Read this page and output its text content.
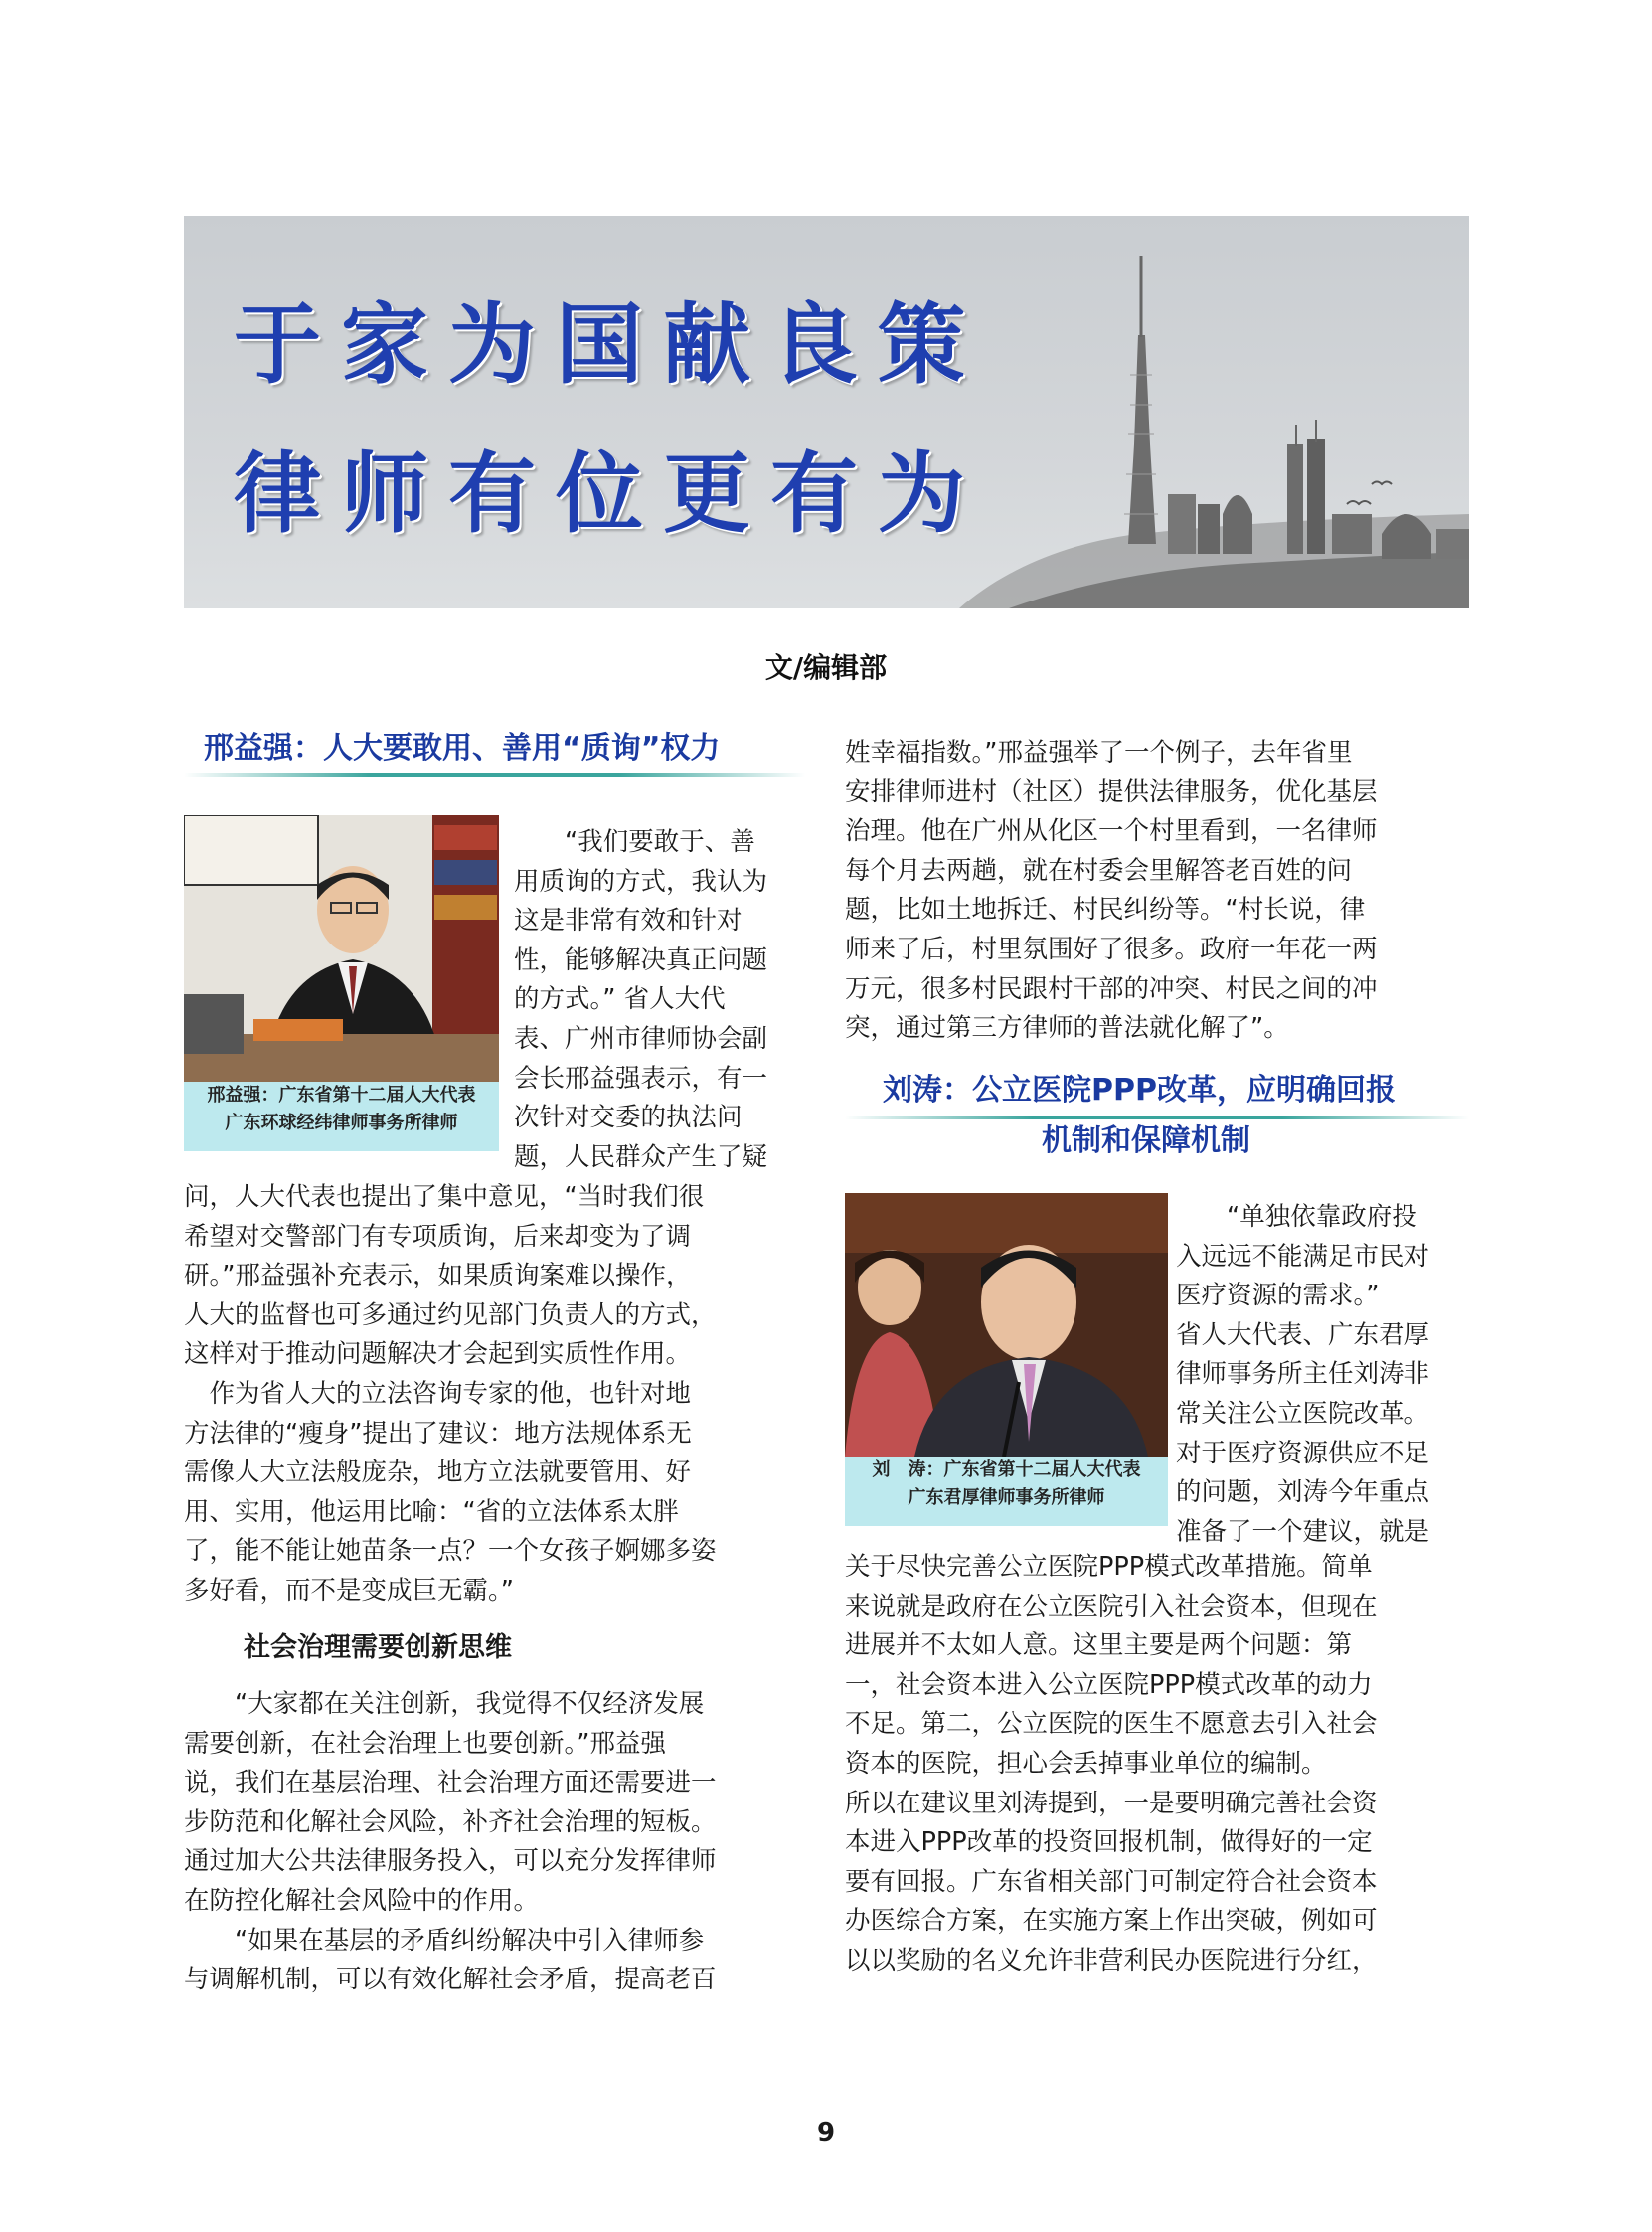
于家为国献良策
律师有位更有为
文/编辑部
邢益强：人大要敢用、善用“质询”权力
邢益强：广东省第十二届人大代表
广东环球经纬律师事务所律师
“我们要敢于、善
用质询的方式，我认为
这是非常有效和针对
性，能够解决真正问题
的方式。” 省人大代
表、广州市律师协会副
会长邢益强表示，有一
次针对交委的执法问
题，人民群众产生了疑
问，人大代表也提出了集中意见，“当时我们很
希望对交警部门有专项质询，后来却变为了调
研。”邢益强补充表示，如果质询案难以操作，
人大的监督也可多通过约见部门负责人的方式，
这样对于推动问题解决才会起到实质性作用。
　作为省人大的立法咨询专家的他，也针对地
方法律的“瘦身”提出了建议：地方法规体系无
需像人大立法般庞杂，地方立法就要管用、好
用、实用，他运用比喻：“省的立法体系太胖
了，能不能让她苗条一点？一个女孩子婀娜多姿
多好看，而不是变成巨无霸。”
社会治理需要创新思维
“大家都在关注创新，我觉得不仅经济发展
需要创新，在社会治理上也要创新。”邢益强
说，我们在基层治理、社会治理方面还需要进一
步防范和化解社会风险，补齐社会治理的短板。
通过加大公共法律服务投入，可以充分发挥律师
在防控化解社会风险中的作用。
“如果在基层的矛盾纠纷解决中引入律师参
与调解机制，可以有效化解社会矛盾，提高老百
姓幸福指数。”邢益强举了一个例子，去年省里
安排律师进村（社区）提供法律服务，优化基层
治理。他在广州从化区一个村里看到，一名律师
每个月去两趟，就在村委会里解答老百姓的问
题，比如土地拆迁、村民纠纷等。“村长说，律
师来了后，村里氛围好了很多。政府一年花一两
万元，很多村民跟村干部的冲突、村民之间的冲
突，通过第三方律师的普法就化解了”。
刘涛：公立医院PPP改革，应明确回报
机制和保障机制
刘　涛：广东省第十二届人大代表
广东君厚律师事务所律师
“单独依靠政府投
入远远不能满足市民对
医疗资源的需求。”
省人大代表、广东君厚
律师事务所主任刘涛非
常关注公立医院改革。
对于医疗资源供应不足
的问题，刘涛今年重点
准备了一个建议，就是
关于尽快完善公立医院PPP模式改革措施。简单
来说就是政府在公立医院引入社会资本，但现在
进展并不太如人意。这里主要是两个问题：第
一，社会资本进入公立医院PPP模式改革的动力
不足。第二，公立医院的医生不愿意去引入社会
资本的医院，担心会丢掉事业单位的编制。
所以在建议里刘涛提到，一是要明确完善社会资
本进入PPP改革的投资回报机制，做得好的一定
要有回报。广东省相关部门可制定符合社会资本
办医综合方案，在实施方案上作出突破，例如可
以以奖励的名义允许非营利民办医院进行分红，
9
